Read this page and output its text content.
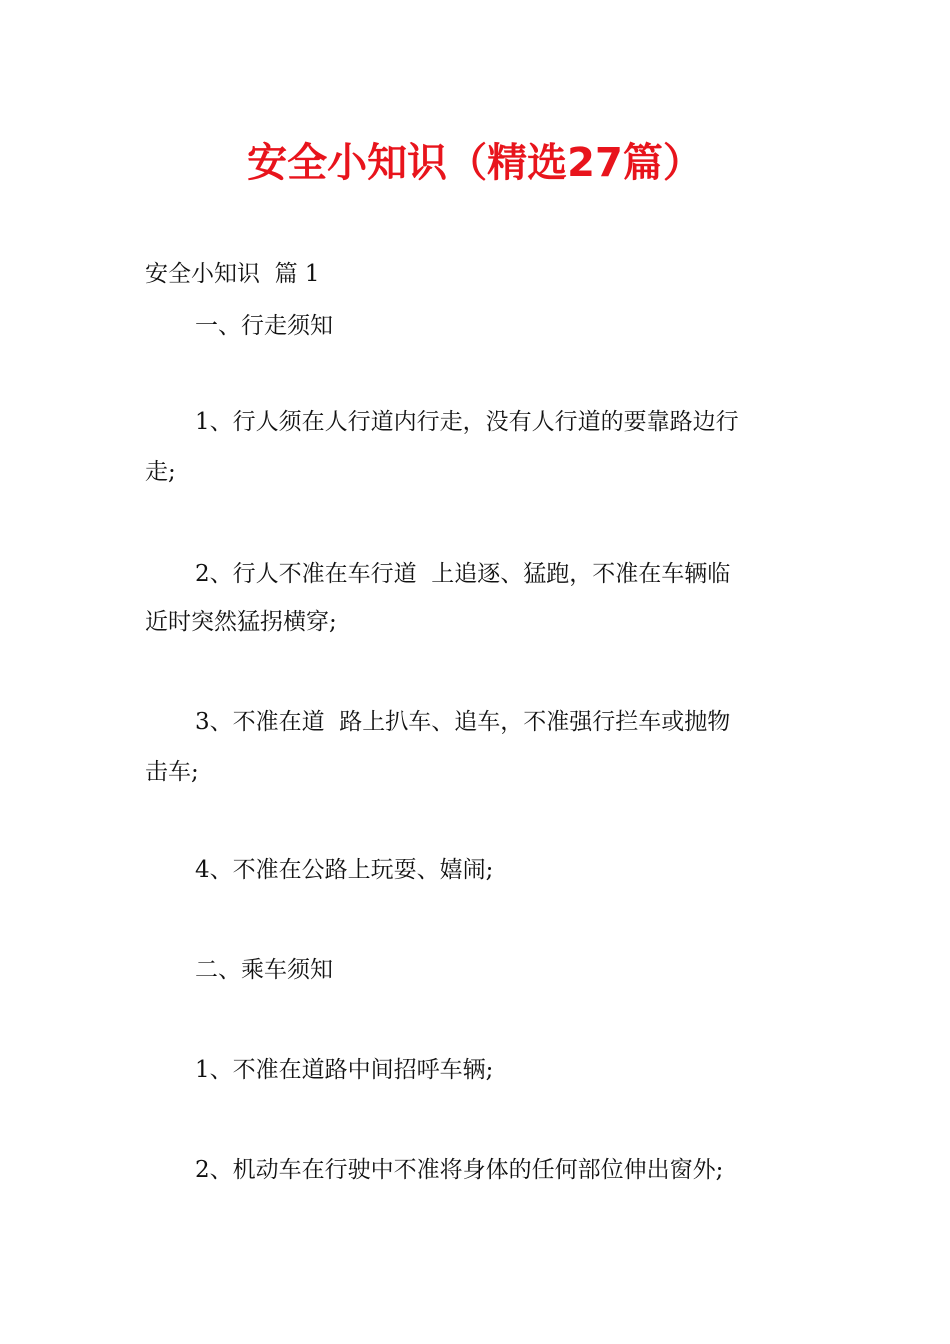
安全小知识（精选27篇）

安全小知识  篇 1

一、行走须知

1、行人须在人行道内行走，没有人行道的要靠路边行

走;

2、行人不准在车行道  上追逐、猛跑，不准在车辆临

近时突然猛拐横穿;

3、不准在道  路上扒车、追车，不准强行拦车或抛物

击车;

4、不准在公路上玩耍、嬉闹;

二、乘车须知

1、不准在道路中间招呼车辆;

2、机动车在行驶中不准将身体的任何部位伸出窗外;
